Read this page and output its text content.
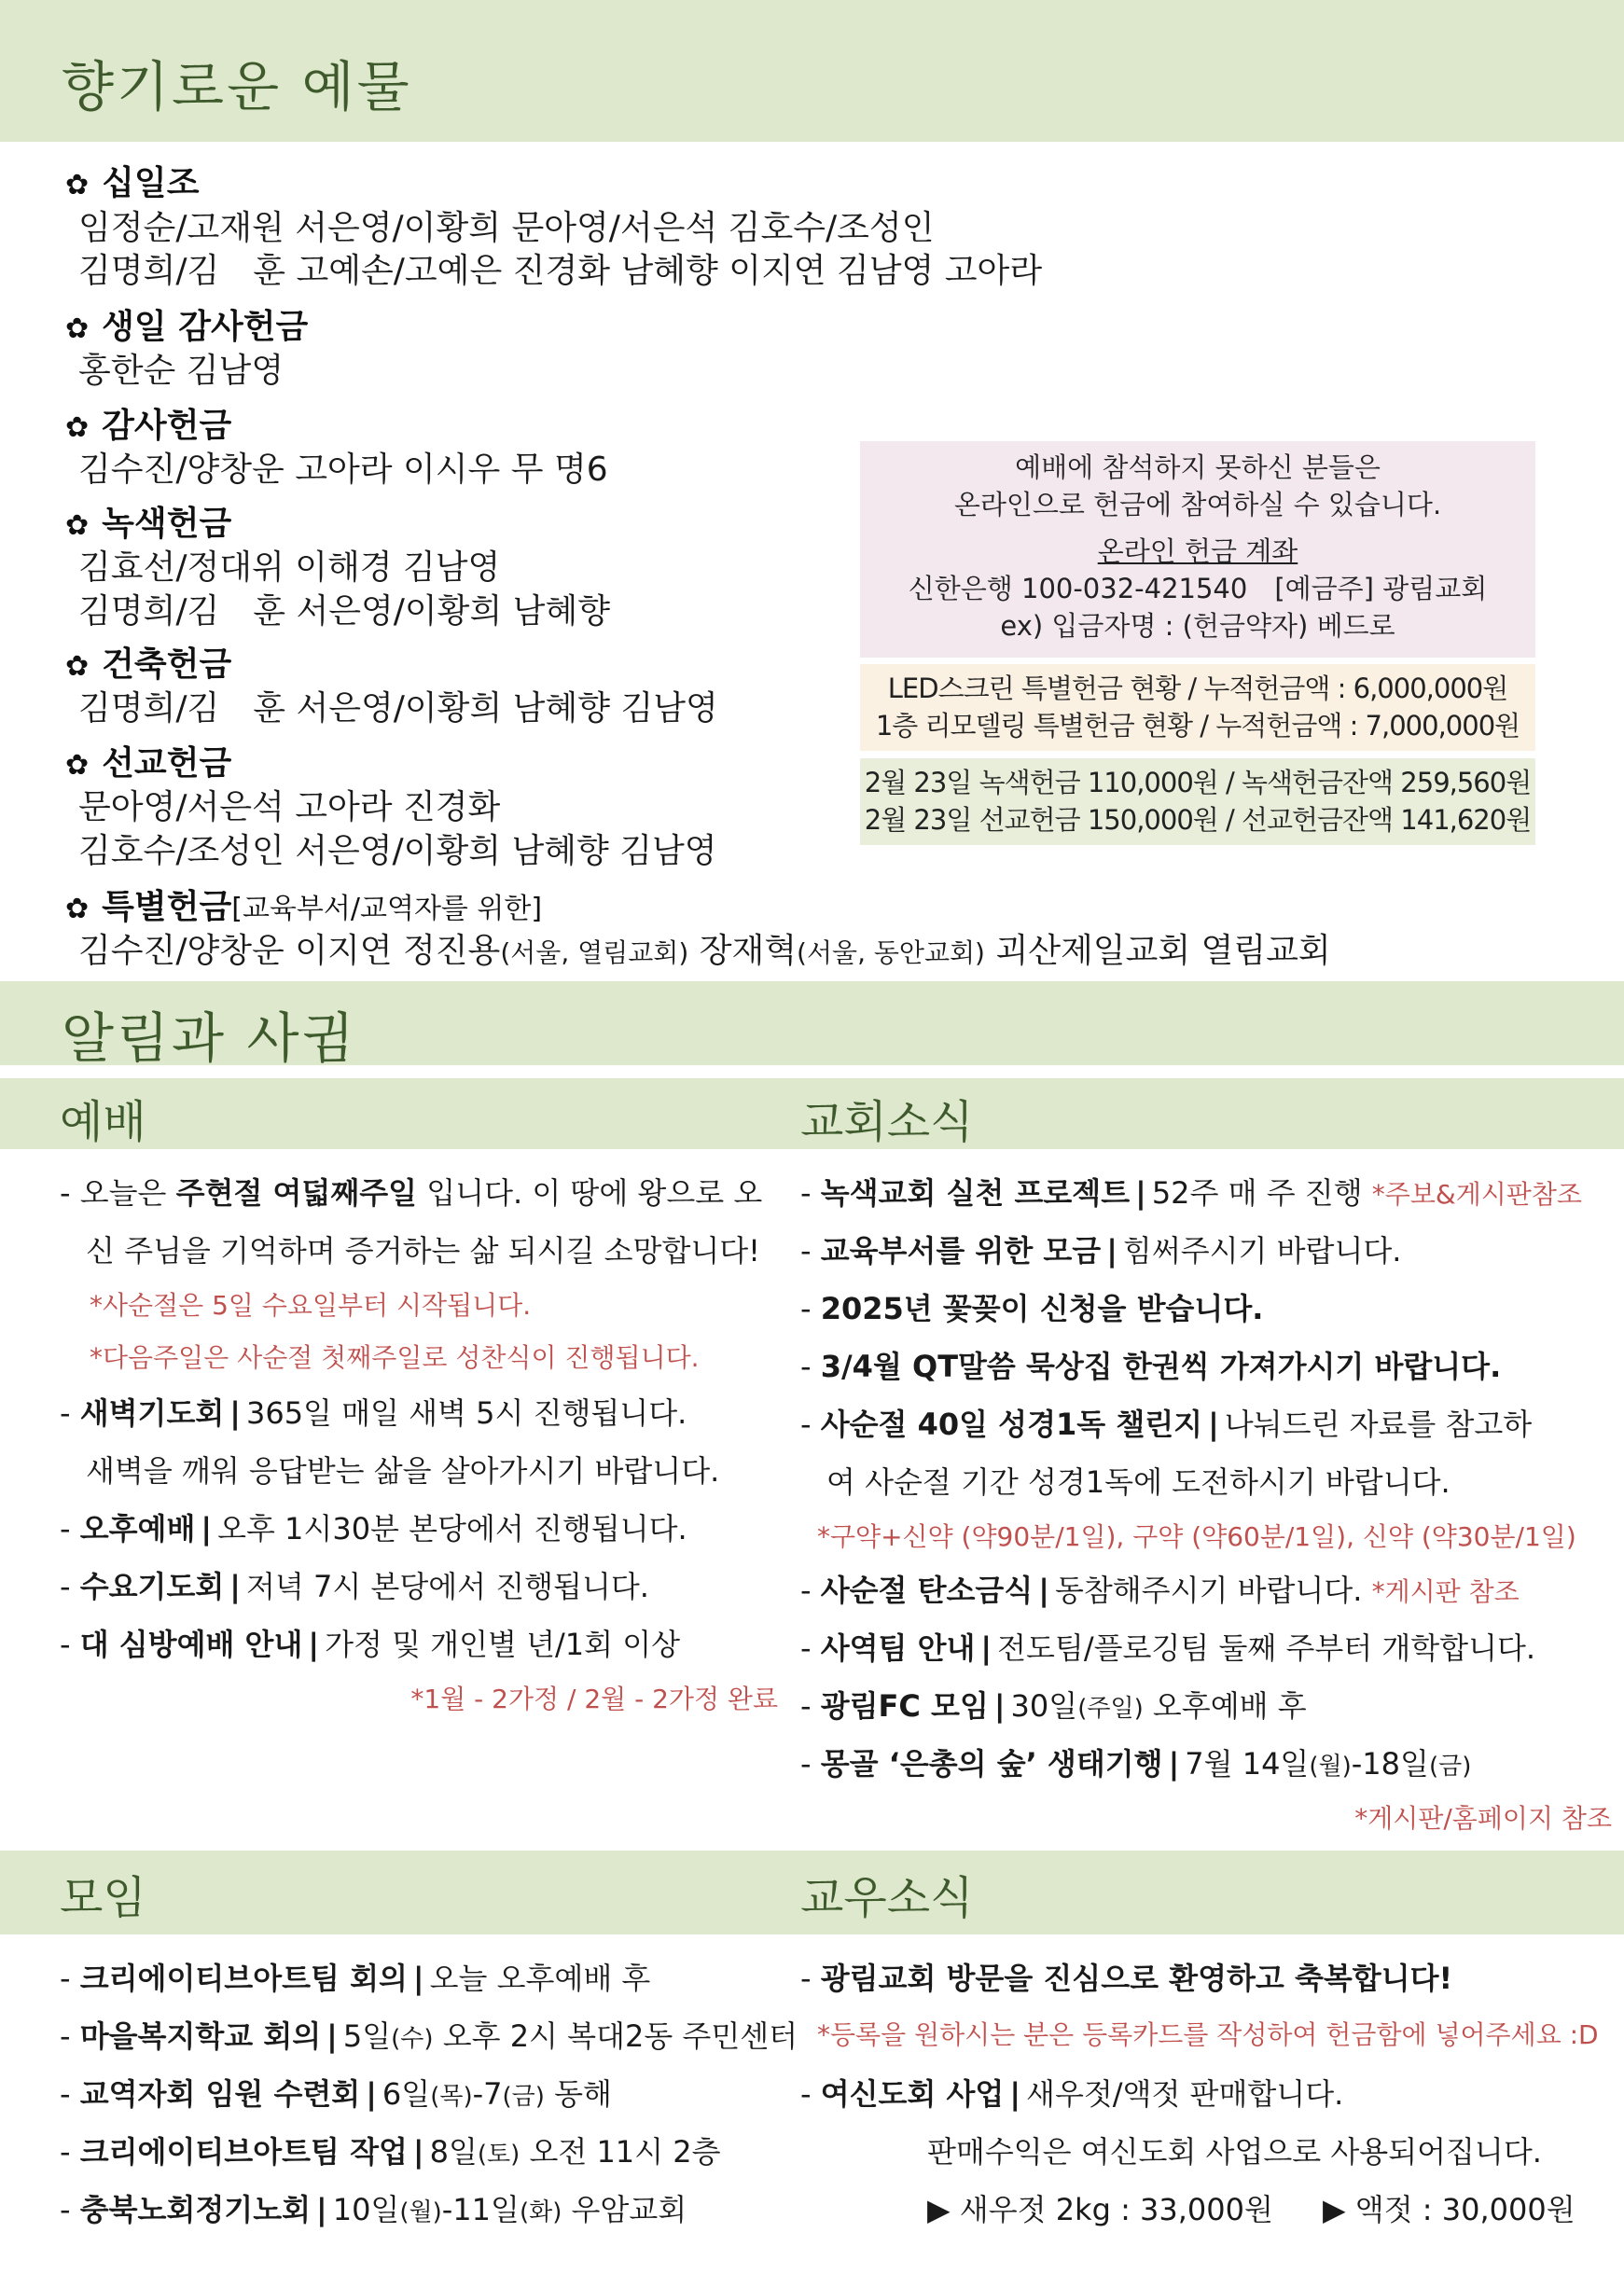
향기로운 예물
✿ 십일조
임정순/고재원 서은영/이황희 문아영/서은석 김호수/조성인
김명희/김　훈 고예손/고예은 진경화 남혜향 이지연 김남영 고아라
✿ 생일 감사헌금
홍한순 김남영
✿ 감사헌금
김수진/양창운 고아라 이시우 무 명6
✿ 녹색헌금
김효선/정대위 이해경 김남영
김명희/김　훈 서은영/이황희 남혜향
✿ 건축헌금
김명희/김　훈 서은영/이황희 남혜향 김남영
✿ 선교헌금
문아영/서은석 고아라 진경화
김호수/조성인 서은영/이황희 남혜향 김남영
✿ 특별헌금[교육부서/교역자를 위한]
김수진/양창운 이지연 정진용(서울, 열림교회) 장재혁(서울, 동안교회) 괴산제일교회 열림교회
예배에 참석하지 못하신 분들은
온라인으로 헌금에 참여하실 수 있습니다.
온라인 헌금 계좌
신한은행 100-032-421540　[예금주] 광림교회
ex) 입금자명 : (헌금약자) 베드로
LED스크린 특별헌금 현황 / 누적헌금액 : 6,000,000원
1층 리모델링 특별헌금 현황 / 누적헌금액 : 7,000,000원
2월 23일 녹색헌금 110,000원 / 녹색헌금잔액 259,560원
2월 23일 선교헌금 150,000원 / 선교헌금잔액 141,620원
알림과 사귐
예배	교회소식
- 오늘은 주현절 여덟째주일 입니다. 이 땅에 왕으로 오
신 주님을 기억하며 증거하는 삶 되시길 소망합니다!
*사순절은 5일 수요일부터 시작됩니다.
*다음주일은 사순절 첫째주일로 성찬식이 진행됩니다.
- 새벽기도회 | 365일 매일 새벽 5시 진행됩니다.
새벽을 깨워 응답받는 삶을 살아가시기 바랍니다.
- 오후예배 | 오후 1시30분 본당에서 진행됩니다.
- 수요기도회 | 저녁 7시 본당에서 진행됩니다.
- 대 심방예배 안내 | 가정 및 개인별 년/1회 이상
*1월 - 2가정 / 2월 - 2가정 완료
- 녹색교회 실천 프로젝트 | 52주 매 주 진행 *주보&게시판참조
- 교육부서를 위한 모금 | 힘써주시기 바랍니다.
- 2025년 꽃꽂이 신청을 받습니다.
- 3/4월 QT말씀 묵상집 한권씩 가져가시기 바랍니다.
- 사순절 40일 성경1독 챌린지 | 나눠드린 자료를 참고하
여 사순절 기간 성경1독에 도전하시기 바랍니다.
*구약+신약 (약90분/1일), 구약 (약60분/1일), 신약 (약30분/1일)
- 사순절 탄소금식 | 동참해주시기 바랍니다. *게시판 참조
- 사역팀 안내 | 전도팀/플로깅팀 둘째 주부터 개학합니다.
- 광림FC 모임 | 30일(주일) 오후예배 후
- 몽골 ‘은총의 숲’ 생태기행 | 7월 14일(월)-18일(금)
*게시판/홈페이지 참조
모임	교우소식
- 크리에이티브아트팀 회의 | 오늘 오후예배 후
- 마을복지학교 회의 | 5일(수) 오후 2시 복대2동 주민센터
- 교역자회 임원 수련회 | 6일(목)-7(금) 동해
- 크리에이티브아트팀 작업 | 8일(토) 오전 11시 2층
- 충북노회정기노회 | 10일(월)-11일(화) 우암교회
- 광림교회 방문을 진심으로 환영하고 축복합니다!
*등록을 원하시는 분은 등록카드를 작성하여 헌금함에 넣어주세요 :D
- 여신도회 사업 | 새우젓/액젓 판매합니다.
판매수익은 여신도회 사업으로 사용되어집니다.
▶ 새우젓 2kg : 33,000원 ▶ 액젓 : 30,000원
